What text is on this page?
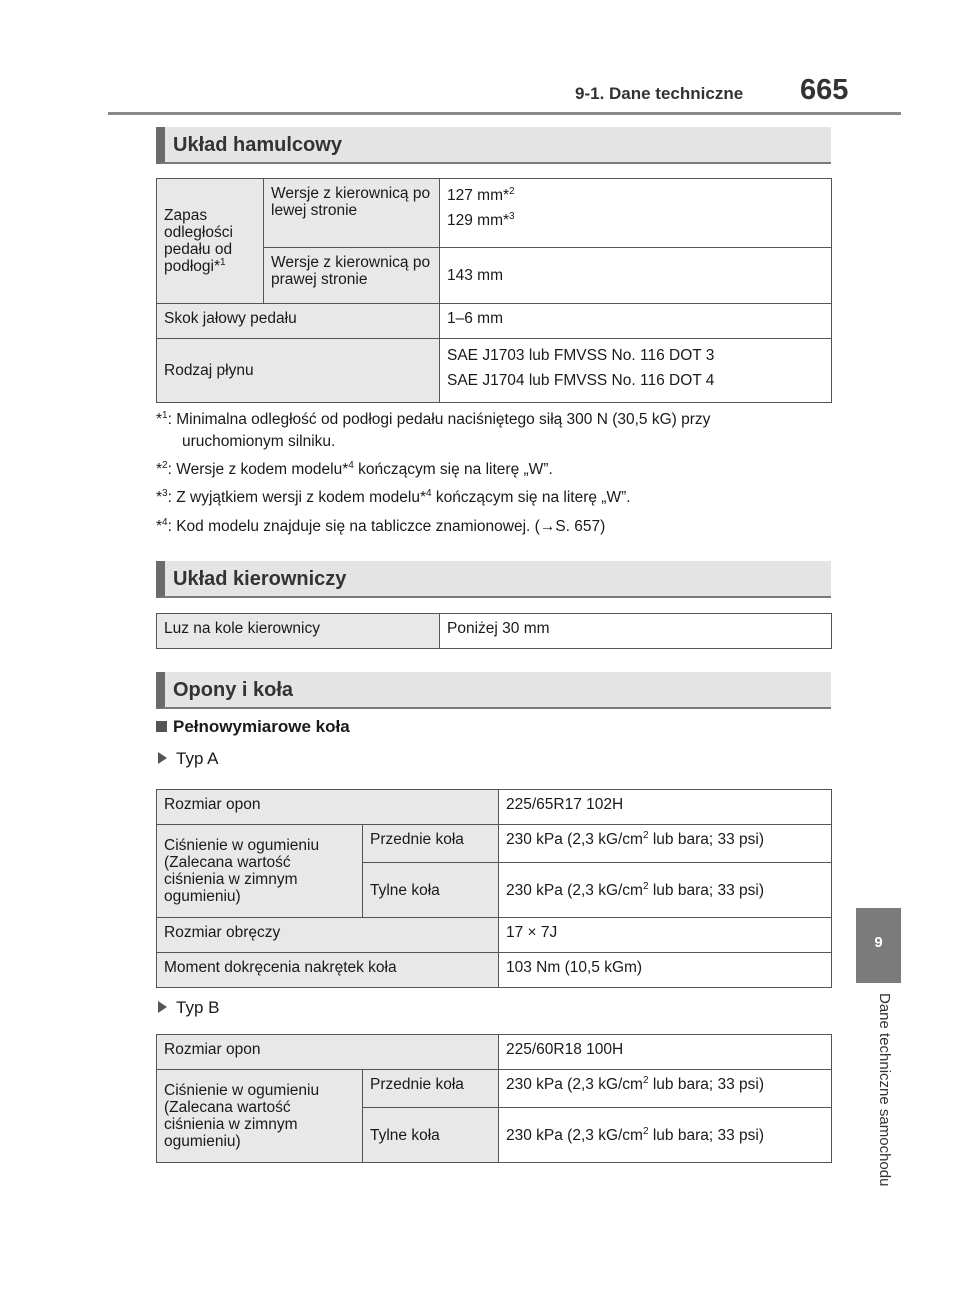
9-1. Dane techniczne 665
9
Dane techniczne samochodu
Układ hamulcowy
Zapas odległości pedału od podłogi*$^1$	Wersje z kierownicą po lewej stronie	127 mm*$^2$
129 mm*$^3$

	Wersje z kierownicą po prawej stronie	143 mm
Skok jałowy pedału		1–6 mm
Rodzaj płynu		SAE J1703 lub FMVSS No. 116 DOT 3
SAE J1704 lub FMVSS No. 116 DOT 4
*$^1$: Minimalna odległość od podłogi pedału naciśniętego siłą 300 N (30,5 kG) przy
uruchomionym silniku.
*$^2$: Wersje z kodem modelu*$^4$ kończącym się na literę „W”.
*$^3$: Z wyjątkiem wersji z kodem modelu*$^4$ kończącym się na literę „W”.
*$^4$: Kod modelu znajduje się na tabliczce znamionowej. (→S. 657)
Układ kierowniczy
Luz na kole kierownicy	Poniżej 30 mm
Opony i koła
Pełnowymiarowe koła
Typ A
Rozmiar opon		225/65R17 102H
Ciśnienie w ogumieniu (Zalecana wartość ciśnienia w zimnym ogumieniu)	Przednie koła	230 kPa (2,3 $kG/cm^2$ lub bara; 33 psi)
	Tylne koła	230 kPa (2,3 $kG/cm^2$ lub bara; 33 psi)
Rozmiar obręczy		17 × 7J
Moment dokręcenia nakrętek koła		103 Nm (10,5 kGm)
Typ B
Rozmiar opon		225/60R18 100H
Ciśnienie w ogumieniu (Zalecana wartość ciśnienia w zimnym ogumieniu)	Przednie koła	230 kPa (2,3 $kG/cm^2$ lub bara; 33 psi)
	Tylne koła	230 kPa (2,3 $kG/cm^2$ lub bara; 33 psi)
